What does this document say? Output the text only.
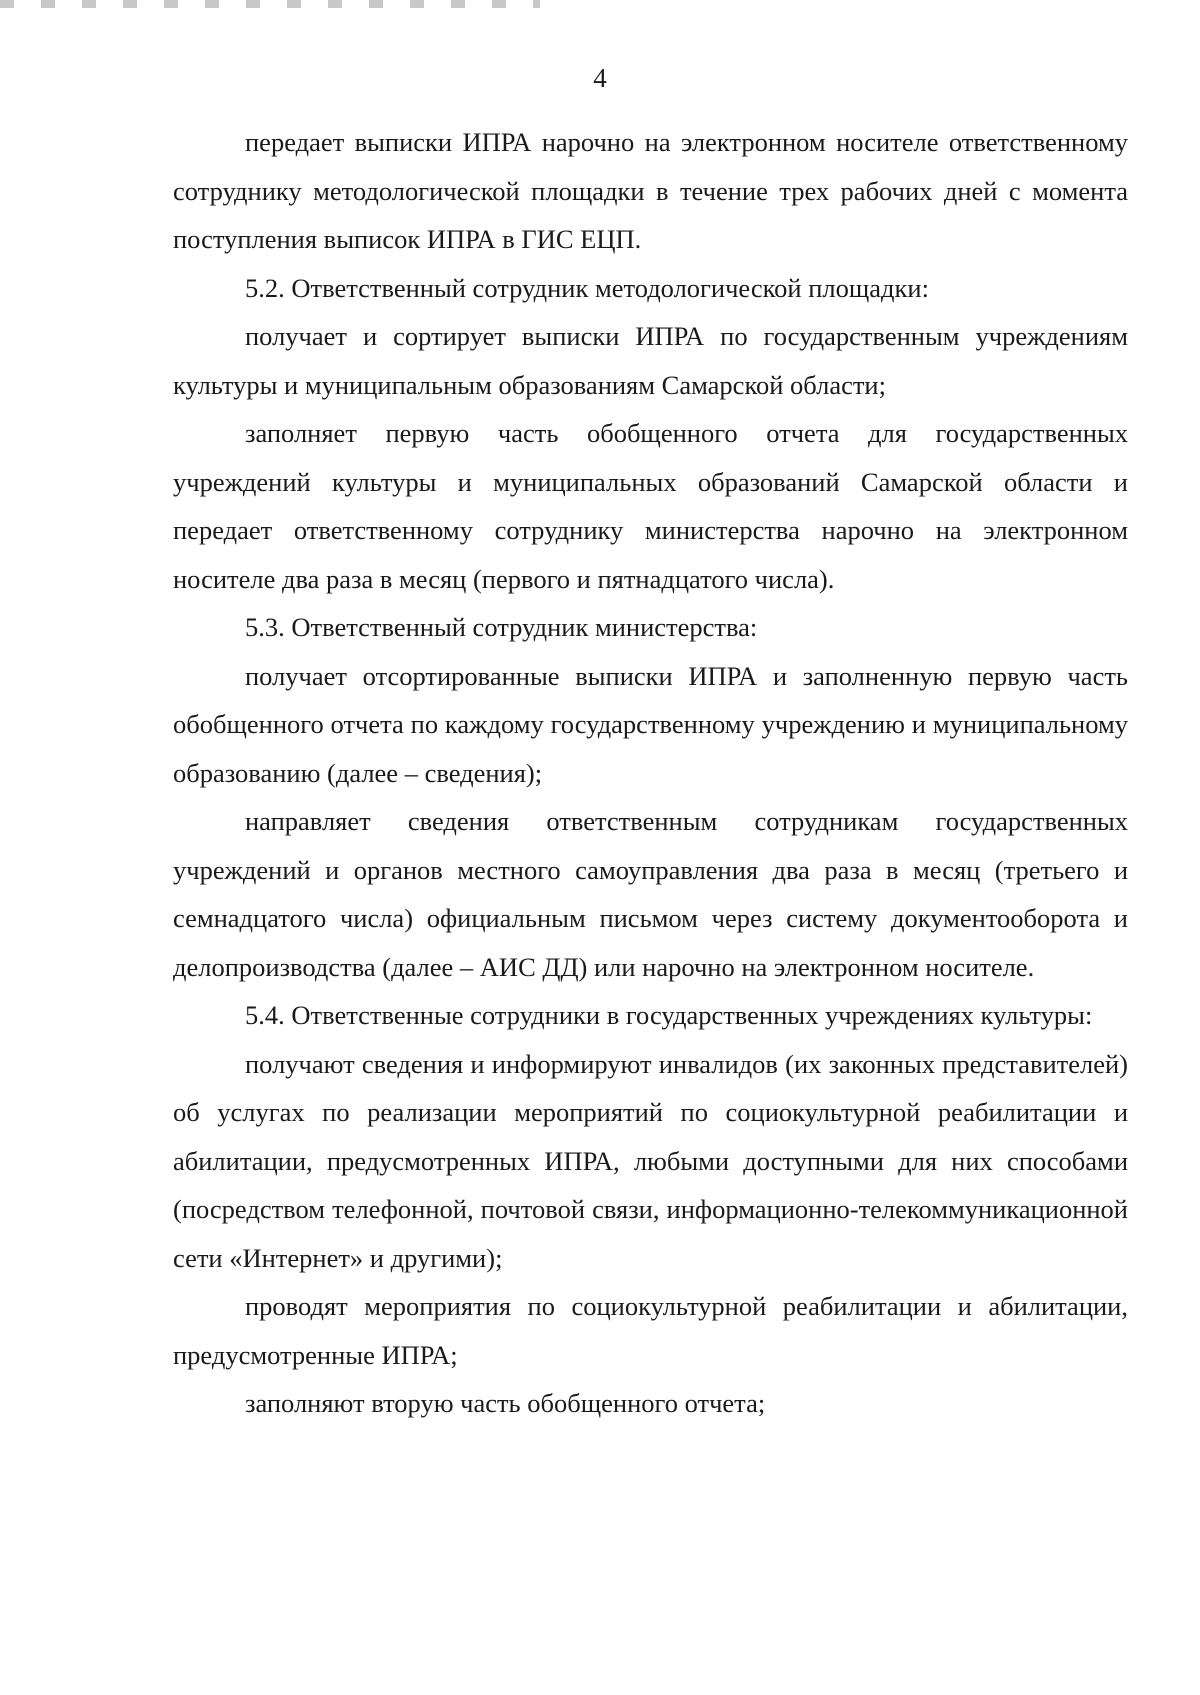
4

передает выписки ИПРА нарочно на электронном носителе ответственному сотруднику методологической площадки в течение трех рабочих дней с момента поступления выписок ИПРА в ГИС ЕЦП.

5.2. Ответственный сотрудник методологической площадки:

получает и сортирует выписки ИПРА по государственным учреждениям культуры и муниципальным образованиям Самарской области;

заполняет первую часть обобщенного отчета для государственных учреждений культуры и муниципальных образований Самарской области и передает ответственному сотруднику министерства нарочно на электронном носителе два раза в месяц (первого и пятнадцатого числа).

5.3. Ответственный сотрудник министерства:

получает отсортированные выписки ИПРА и заполненную первую часть обобщенного отчета по каждому государственному учреждению и муниципальному образованию (далее – сведения);

направляет сведения ответственным сотрудникам государственных учреждений и органов местного самоуправления два раза в месяц (третьего и семнадцатого числа) официальным письмом через систему документооборота и делопроизводства (далее – АИС ДД) или нарочно на электронном носителе.

5.4. Ответственные сотрудники в государственных учреждениях культуры:

получают сведения и информируют инвалидов (их законных представителей) об услугах по реализации мероприятий по социокультурной реабилитации и абилитации, предусмотренных ИПРА, любыми доступными для них способами (посредством телефонной, почтовой связи, информационно-телекоммуникационной сети «Интернет» и другими);

проводят мероприятия по социокультурной реабилитации и абилитации, предусмотренные ИПРА;

заполняют вторую часть обобщенного отчета;
